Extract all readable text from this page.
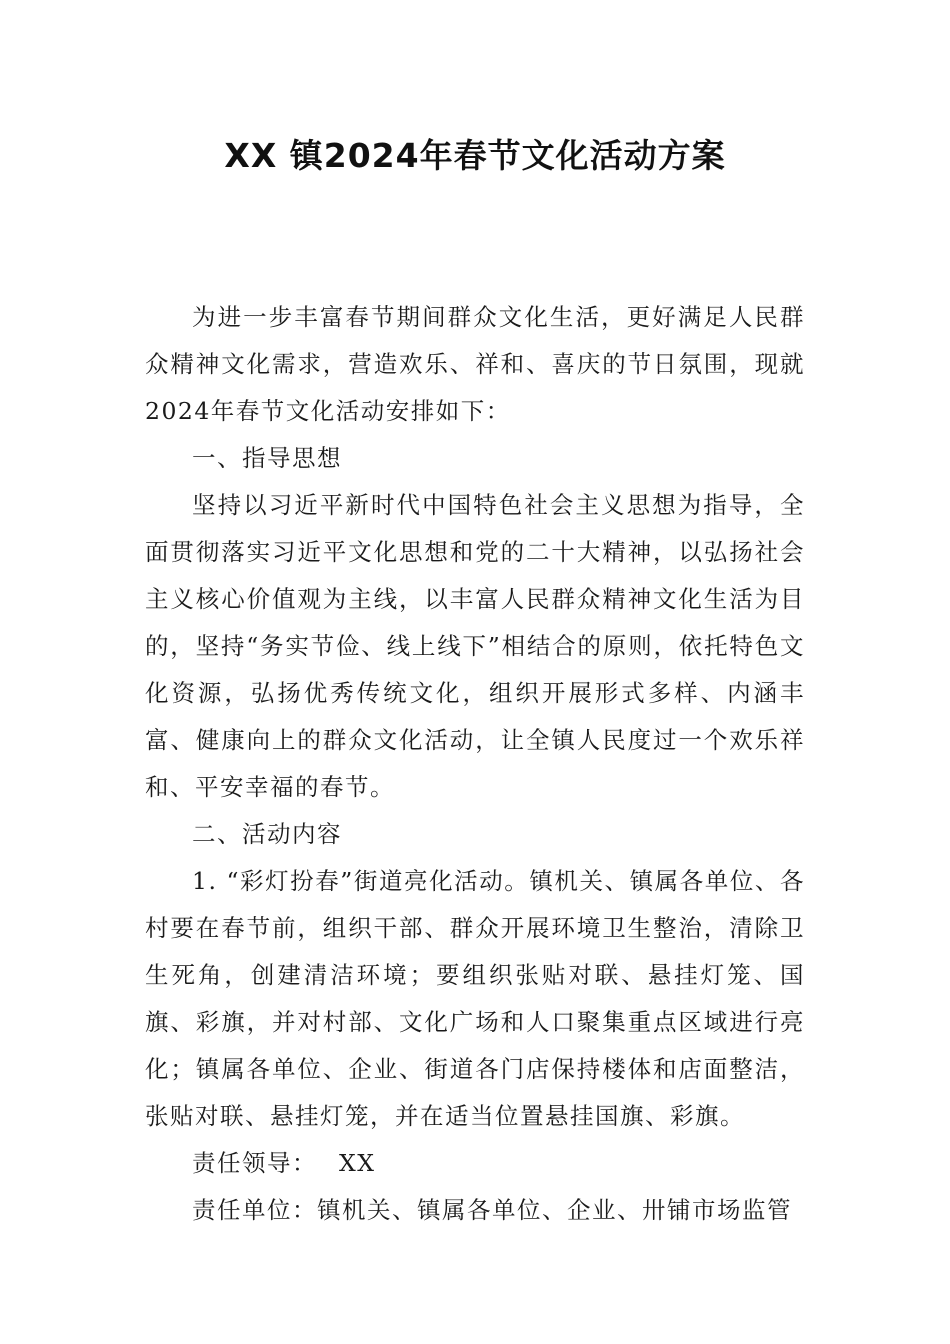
XX 镇2024年春节文化活动方案

为进一步丰富春节期间群众文化生活，更好满足人民群众精神文化需求，营造欢乐、祥和、喜庆的节日氛围，现就2024年春节文化活动安排如下：

一、指导思想

坚持以习近平新时代中国特色社会主义思想为指导，全面贯彻落实习近平文化思想和党的二十大精神，以弘扬社会主义核心价值观为主线，以丰富人民群众精神文化生活为目的，坚持“务实节俭、线上线下”相结合的原则，依托特色文化资源，弘扬优秀传统文化，组织开展形式多样、内涵丰富、健康向上的群众文化活动，让全镇人民度过一个欢乐祥和、平安幸福的春节。

二、活动内容

1. “彩灯扮春”街道亮化活动。镇机关、镇属各单位、各村要在春节前，组织干部、群众开展环境卫生整治，清除卫生死角，创建清洁环境；要组织张贴对联、悬挂灯笼、国旗、彩旗，并对村部、文化广场和人口聚集重点区域进行亮化；镇属各单位、企业、街道各门店保持楼体和店面整洁，张贴对联、悬挂灯笼，并在适当位置悬挂国旗、彩旗。

责任领导： XX

责任单位：镇机关、镇属各单位、企业、卅铺市场监管
